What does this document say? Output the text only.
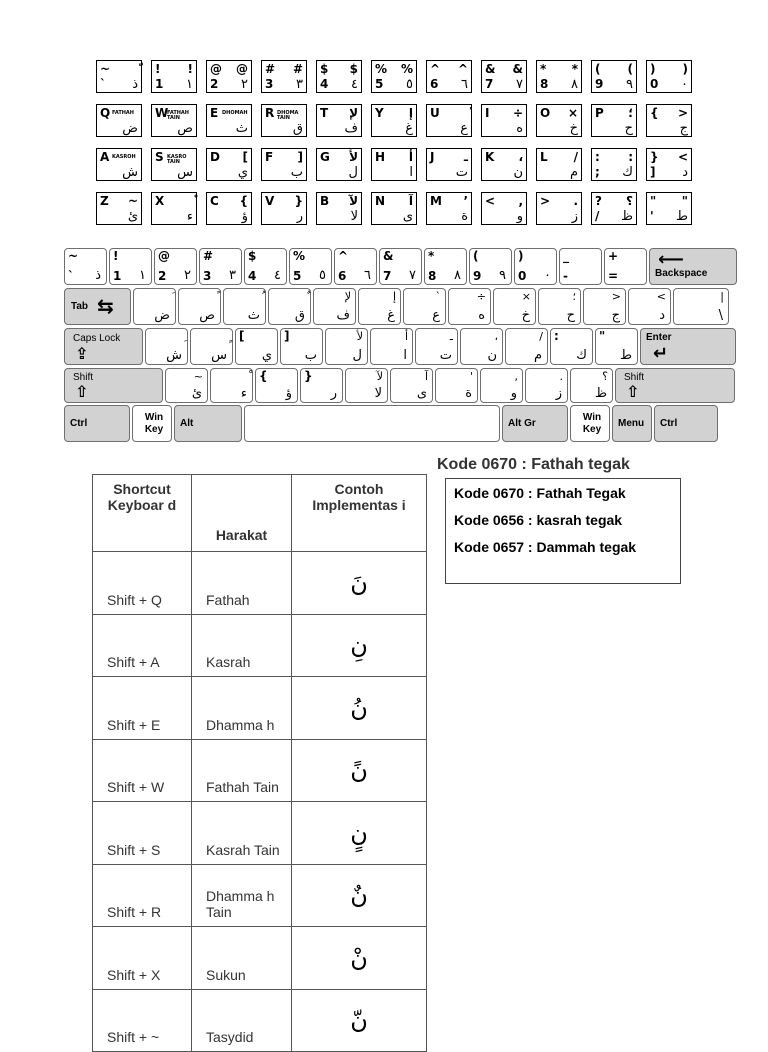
~
` ذ
! !
1 ١
@ @
2 ٢
# #
3 ٣
$ $
4 ٤
% %
5 ٥
^ ^
6 ٦
& &
7 ٧
* *
8 ٨
( (
9 ٩
) )
0 ٠
Q
ض
FATHAH W
ص
FATHAH TAIN	E
ث
DHOMAH R
ق
DHOMA TAIN	T لإ
ف
Y إ
غ
U
ع
I ÷
ه
O ×
خ
P ؛
ح
{ >
ج
A
ش
KASROH S
س
KASRO TAIN	D [
ي
F ]
ب
G لأ
ل
H أ
ا
J ـ
ت
K ،
ن
L /
م
: :
; ك
} <
] د
Z ~
ئ
X
ء
C {
ؤ
V }
ر
B لآ
لا
N آ
ى
M ’
ة
< ,
و
> .
ز
? ؟
/ ظ
" "
' ط
~
` ذ
!
1 ١
@
2 ٢
#
3 ٣
$
4 ٤
%
5 ٥
^
6 ٦
&
7 ٧
*
8 ٨
(
9 ٩
)
0 ٠
_
-
+
=	Backspace
⟵
Tab ⇆	ض ص	ث	ق
لإ
ف
إ
غ
`
ع
÷
ه
×
خ
؛
ح
>
ج
<
د
|
\
Caps Lock
⇪	ش س
[
ي
]
ب
لأ
ل
أ
ا
ـ
ت
،
ن
/
م
:
ك
"
ط
Enter
↵
Shift
⇧
~
ئ	ء
{
ؤ
}
ر
لآ
لا
آ
ى
'
ة
,
و
.
ز
؟
ظ
Shift
⇧
Ctrl
Win Key
Alt	Alt Gr
Win Key
Menu Ctrl
Shortcut Keyboar d	Harakat	Contoh Implementas i
Shift + Q	Fathah	نَ
Shift + A	Kasrah	نِ
Shift + E	Dhamma h	نُ
Shift + W	Fathah Tain	نً
Shift + S	Kasrah Tain	نٍ
Shift + R	Dhamma h Tain	نٌ
Shift + X	Sukun	نْ
Shift + ~	Tasydid	نّ
Kode 0670 : Fathah tegak
Kode 0670 : Fathah Tegak
Kode 0656 : kasrah tegak
Kode 0657 : Dammah tegak
